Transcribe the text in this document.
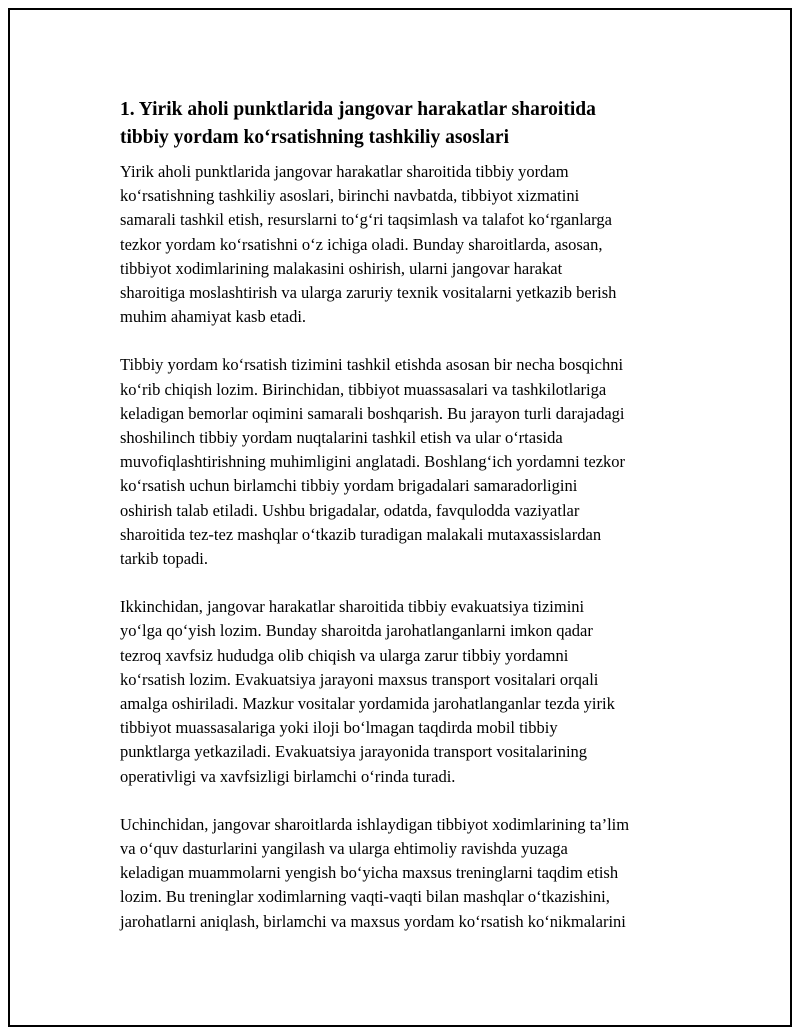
1. Yirik aholi punktlarida jangovar harakatlar sharoitida
tibbiy yordam ko‘rsatishning tashkiliy asoslari
Yirik aholi punktlarida jangovar harakatlar sharoitida tibbiy yordam
ko‘rsatishning tashkiliy asoslari, birinchi navbatda, tibbiyot xizmatini
samarali tashkil etish, resurslarni to‘g‘ri taqsimlash va talafot ko‘rganlarga
tezkor yordam ko‘rsatishni o‘z ichiga oladi. Bunday sharoitlarda, asosan,
tibbiyot xodimlarining malakasini oshirish, ularni jangovar harakat
sharoitiga moslashtirish va ularga zaruriy texnik vositalarni yetkazib berish
muhim ahamiyat kasb etadi.
Tibbiy yordam ko‘rsatish tizimini tashkil etishda asosan bir necha bosqichni
ko‘rib chiqish lozim. Birinchidan, tibbiyot muassasalari va tashkilotlariga
keladigan bemorlar oqimini samarali boshqarish. Bu jarayon turli darajadagi
shoshilinch tibbiy yordam nuqtalarini tashkil etish va ular o‘rtasida
muvofiqlashtirishning muhimligini anglatadi. Boshlang‘ich yordamni tezkor
ko‘rsatish uchun birlamchi tibbiy yordam brigadalari samaradorligini
oshirish talab etiladi. Ushbu brigadalar, odatda, favqulodda vaziyatlar
sharoitida tez-tez mashqlar o‘tkazib turadigan malakali mutaxassislardan
tarkib topadi.
Ikkinchidan, jangovar harakatlar sharoitida tibbiy evakuatsiya tizimini
yo‘lga qo‘yish lozim. Bunday sharoitda jarohatlanganlarni imkon qadar
tezroq xavfsiz hududga olib chiqish va ularga zarur tibbiy yordamni
ko‘rsatish lozim. Evakuatsiya jarayoni maxsus transport vositalari orqali
amalga oshiriladi. Mazkur vositalar yordamida jarohatlanganlar tezda yirik
tibbiyot muassasalariga yoki iloji bo‘lmagan taqdirda mobil tibbiy
punktlarga yetkaziladi. Evakuatsiya jarayonida transport vositalarining
operativligi va xavfsizligi birlamchi o‘rinda turadi.
Uchinchidan, jangovar sharoitlarda ishlaydigan tibbiyot xodimlarining ta’lim
va o‘quv dasturlarini yangilash va ularga ehtimoliy ravishda yuzaga
keladigan muammolarni yengish bo‘yicha maxsus treninglarni taqdim etish
lozim. Bu treninglar xodimlarning vaqti-vaqti bilan mashqlar o‘tkazishini,
jarohatlarni aniqlash, birlamchi va maxsus yordam ko‘rsatish ko‘nikmalarini
